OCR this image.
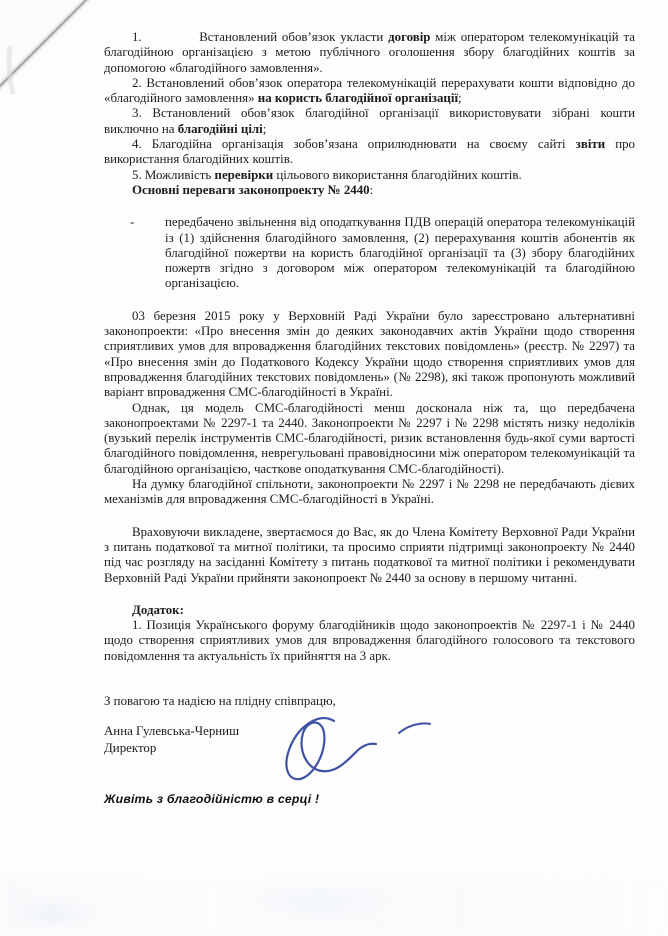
1.            Встановлений обов’язок укласти договір між оператором телекомунікацій та благодійною організацією з метою публічного оголошення збору благодійних коштів за допомогою «благодійного замовлення».

2. Встановлений обов’язок оператора телекомунікацій перерахувати кошти відповідно до «благодійного замовлення» на користь благодійної організації;

3. Встановлений обов’язок благодійної організації використовувати зібрані кошти виключно на благодійні цілі;

4. Благодійна організація зобов’язана оприлюднювати на своєму сайті звіти про використання благодійних коштів.

5. Можливість перевірки цільового використання благодійних коштів.

Основні переваги законопроекту № 2440:

-	передбачено звільнення від оподаткування ПДВ операцій оператора телекомунікацій із (1) здійснення благодійного замовлення, (2) перерахування коштів абонентів як благодійної пожертви на користь благодійної організації та (3) збору благодійних пожертв згідно з договором між оператором телекомунікацій та благодійною організацією.

03 березня 2015 року у Верховній Раді України було зареєстровано альтернативні законопроекти: «Про внесення змін до деяких законодавчих актів України щодо створення сприятливих умов для впровадження благодійних текстових повідомлень» (реєстр. № 2297) та «Про внесення змін до Податкового Кодексу України щодо створення сприятливих умов для впровадження благодійних текстових повідомлень» (№ 2298), які також пропонують можливий варіант впровадження СМС-благодійності в Україні.

Однак, ця модель СМС-благодійності менш досконала ніж та, що передбачена законопроектами № 2297-1 та 2440. Законопроекти № 2297 і № 2298 містять низку недоліків (вузький перелік інструментів СМС-благодійності, ризик встановлення будь-якої суми вартості благодійного повідомлення, неврегульовані правовідносини між оператором телекомунікацій та благодійною організацією, часткове оподаткування СМС-благодійності).

На думку благодійної спільноти, законопроекти № 2297 і № 2298 не передбачають дієвих механізмів для впровадження СМС-благодійності в Україні.

Враховуючи викладене, звертаємося до Вас, як до Члена Комітету Верховної Ради України з питань податкової та митної політики, та просимо сприяти підтримці законопроекту № 2440 під час розгляду на засіданні Комітету з питань податкової та митної політики і рекомендувати Верховній Раді України прийняти законопроект № 2440 за основу в першому читанні.

Додаток:

1. Позиція Українського форуму благодійників щодо законопроектів № 2297-1 і № 2440 щодо створення сприятливих умов для впровадження благодійного голосового та текстового повідомлення та актуальність їх прийняття на 3 арк.

З повагою та надією на плідну співпрацю,

Анна Гулевська-Черниш

Директор

Живіть з благодійністю в серці !
